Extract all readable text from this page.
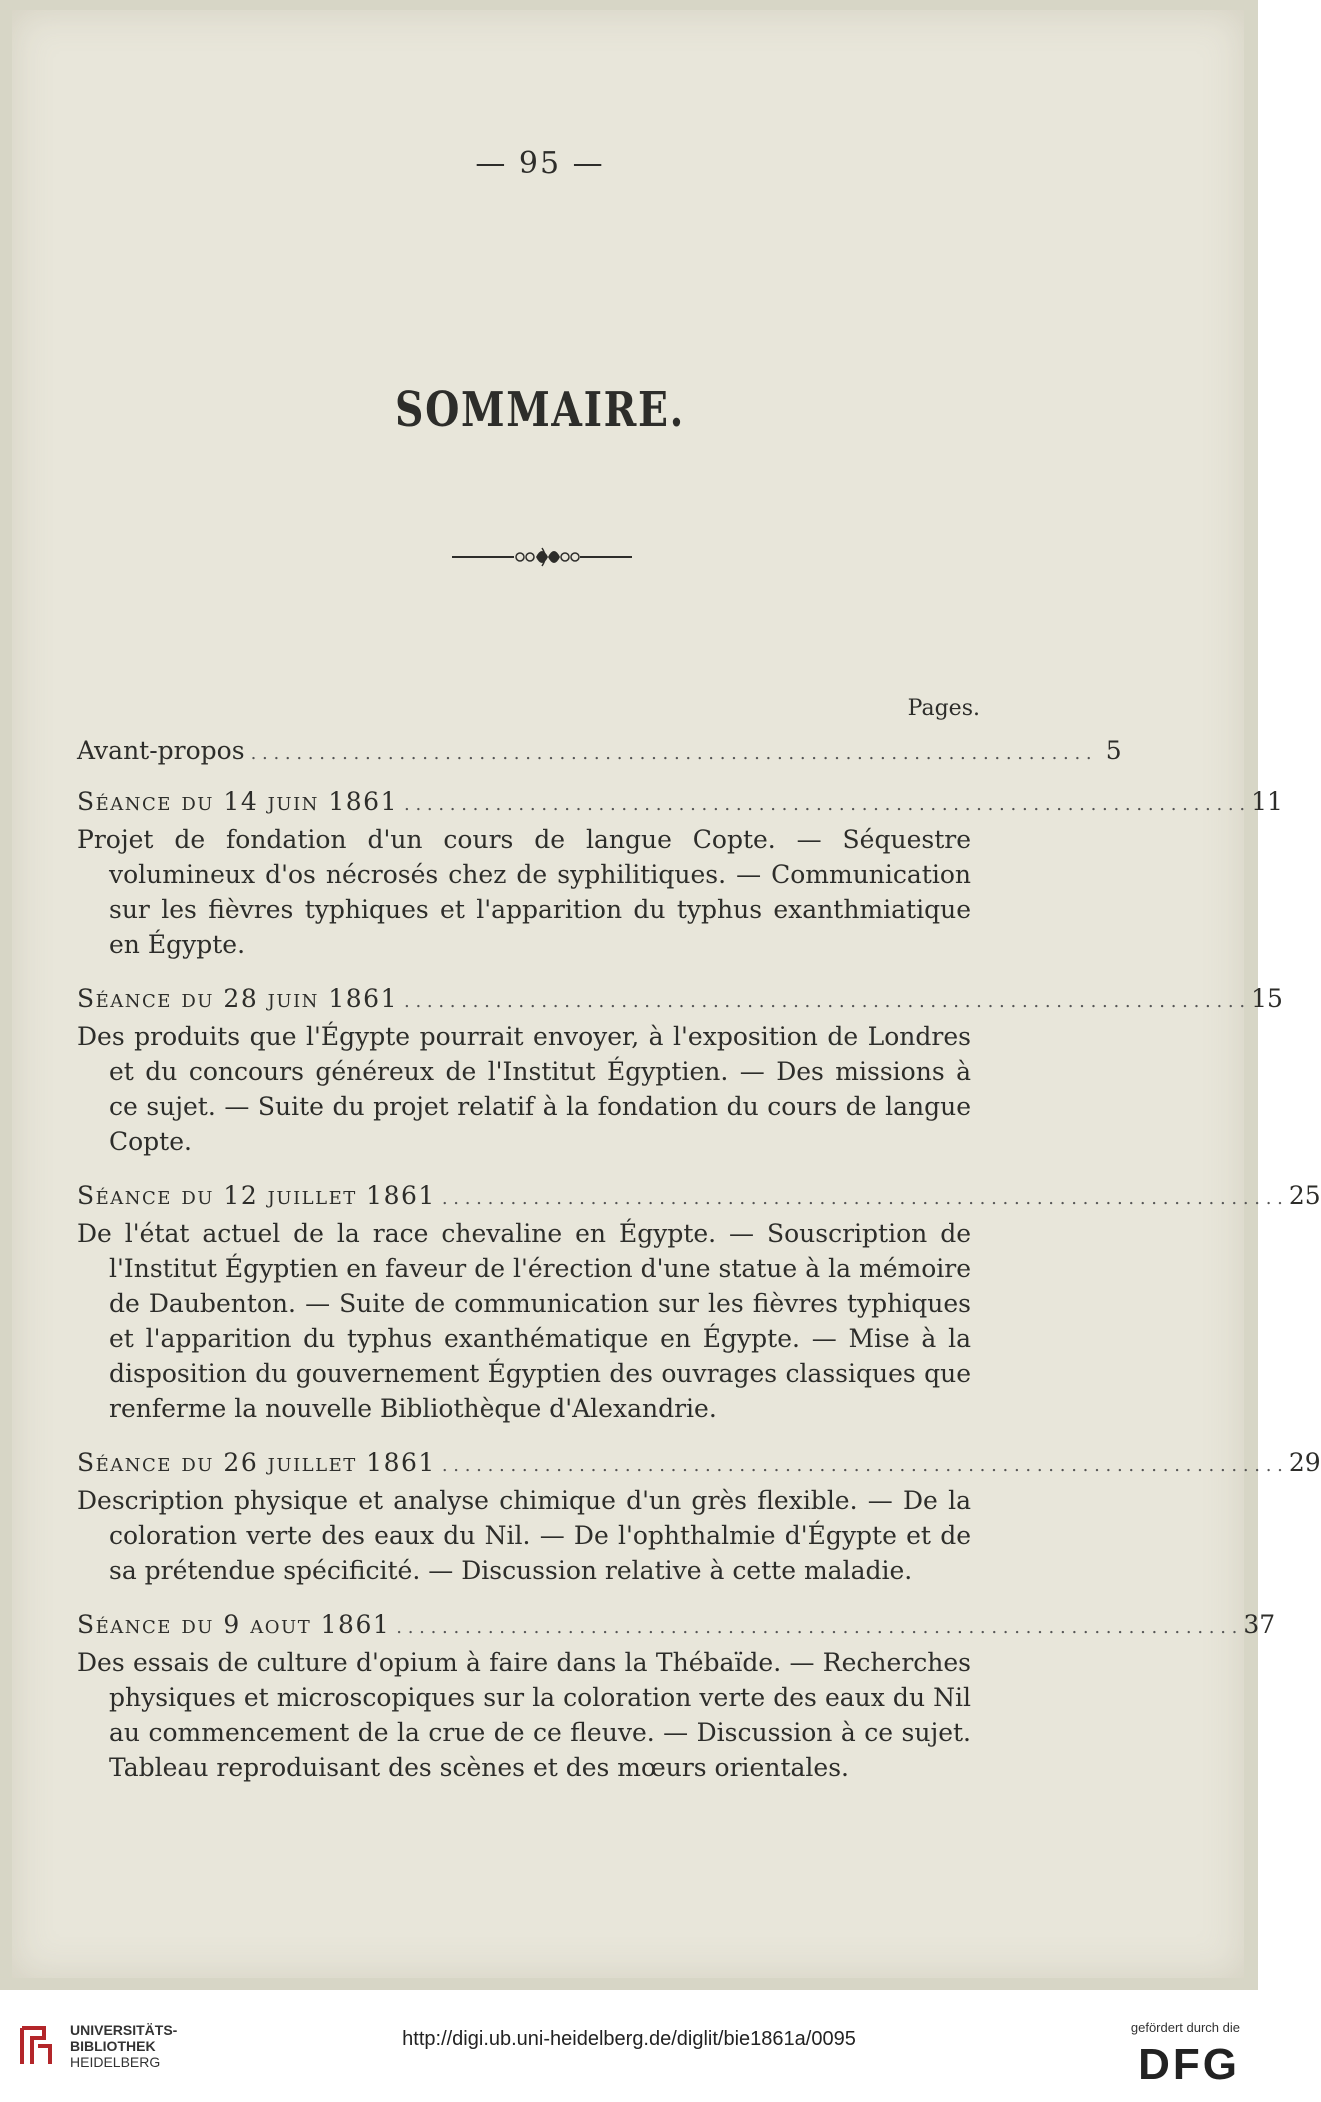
— 95 —
SOMMAIRE.
Pages.
Avant-propos . . . . . . . . . . . . . . . . . . . . . . . . . . . . . . . . . . . . . . . . . . . . . . . . . . . . . . . . . . . . . . . . . . . . . . . . . . 5
Séance du 14 juin 1861 . . . . . . . . . . . . . . . . . . . . . . . . . . . . . . . . . . . . . . . . . . . . . . . . . . . . . . . . . . . . . . . . . . . . . . . . . . 11
Projet de fondation d'un cours de langue Copte. — Séquestre volumineux d'os nécrosés chez de syphilitiques. — Communication sur les fièvres typhiques et l'apparition du typhus exanthmiatique en Égypte.
Séance du 28 juin 1861 . . . . . . . . . . . . . . . . . . . . . . . . . . . . . . . . . . . . . . . . . . . . . . . . . . . . . . . . . . . . . . . . . . . . . . . . . . 15
Des produits que l'Égypte pourrait envoyer, à l'exposition de Londres et du concours généreux de l'Institut Égyptien. — Des missions à ce sujet. — Suite du projet relatif à la fondation du cours de langue Copte.
Séance du 12 juillet 1861 . . . . . . . . . . . . . . . . . . . . . . . . . . . . . . . . . . . . . . . . . . . . . . . . . . . . . . . . . . . . . . . . . . . . . . . . . . 25
De l'état actuel de la race chevaline en Égypte. — Souscription de l'Institut Égyptien en faveur de l'érection d'une statue à la mémoire de Daubenton. — Suite de communication sur les fièvres typhiques et l'apparition du typhus exanthématique en Égypte. — Mise à la disposition du gouvernement Égyptien des ouvrages classiques que renferme la nouvelle Bibliothèque d'Alexandrie.
Séance du 26 juillet 1861 . . . . . . . . . . . . . . . . . . . . . . . . . . . . . . . . . . . . . . . . . . . . . . . . . . . . . . . . . . . . . . . . . . . . . . . . . . 29
Description physique et analyse chimique d'un grès flexible. — De la coloration verte des eaux du Nil. — De l'ophthalmie d'Égypte et de sa prétendue spécificité. — Discussion relative à cette maladie.
Séance du 9 aout 1861 . . . . . . . . . . . . . . . . . . . . . . . . . . . . . . . . . . . . . . . . . . . . . . . . . . . . . . . . . . . . . . . . . . . . . . . . . . 37
Des essais de culture d'opium à faire dans la Thébaïde. — Recherches physiques et microscopiques sur la coloration verte des eaux du Nil au commencement de la crue de ce fleuve. — Discussion à ce sujet. Tableau reproduisant des scènes et des mœurs orientales.
UNIVERSITÄTS-
BIBLIOTHEK
HEIDELBERG
http://digi.ub.uni-heidelberg.de/diglit/bie1861a/0095
gefördert durch die
DFG
